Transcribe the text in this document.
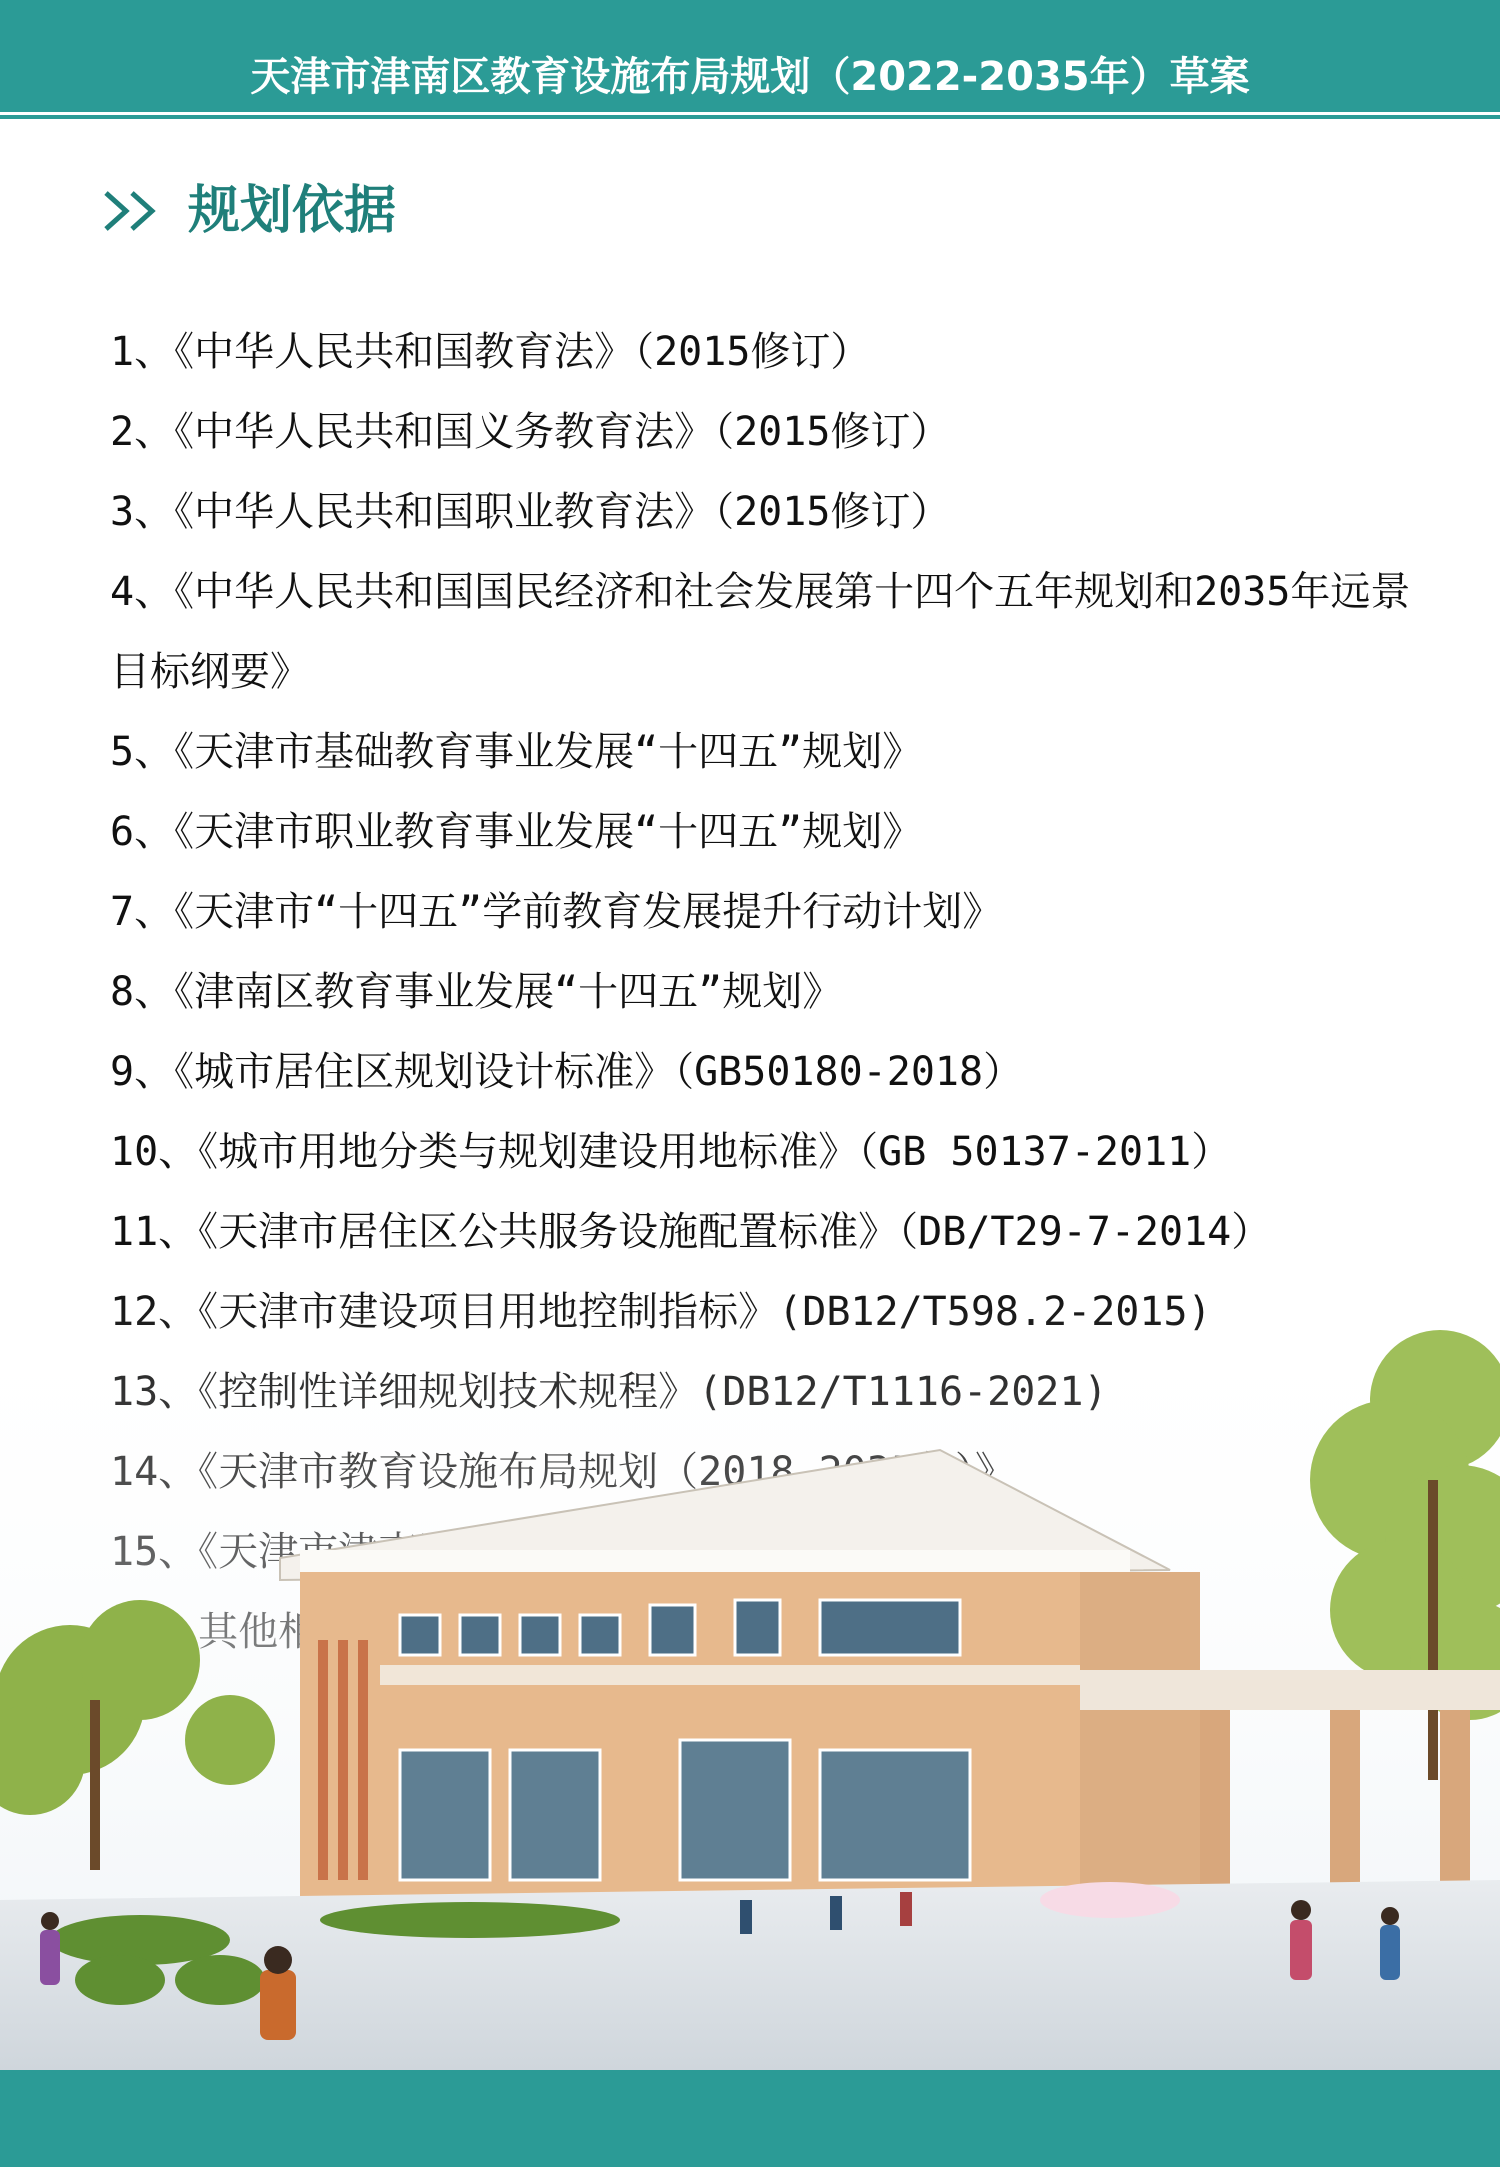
天津市津南区教育设施布局规划（2022-2035年）草案
规划依据
1、《中华人民共和国教育法》（2015修订）
2、《中华人民共和国义务教育法》（2015修订）
3、《中华人民共和国职业教育法》（2015修订）
4、《中华人民共和国国民经济和社会发展第十四个五年规划和2035年远景目标纲要》
5、《天津市基础教育事业发展“十四五”规划》
6、《天津市职业教育事业发展“十四五”规划》
7、《天津市“十四五”学前教育发展提升行动计划》
8、《津南区教育事业发展“十四五”规划》
9、《城市居住区规划设计标准》（GB50180-2018）
10、《城市用地分类与规划建设用地标准》（GB 50137-2011）
11、《天津市居住区公共服务设施配置标准》（DB/T29-7-2014）
